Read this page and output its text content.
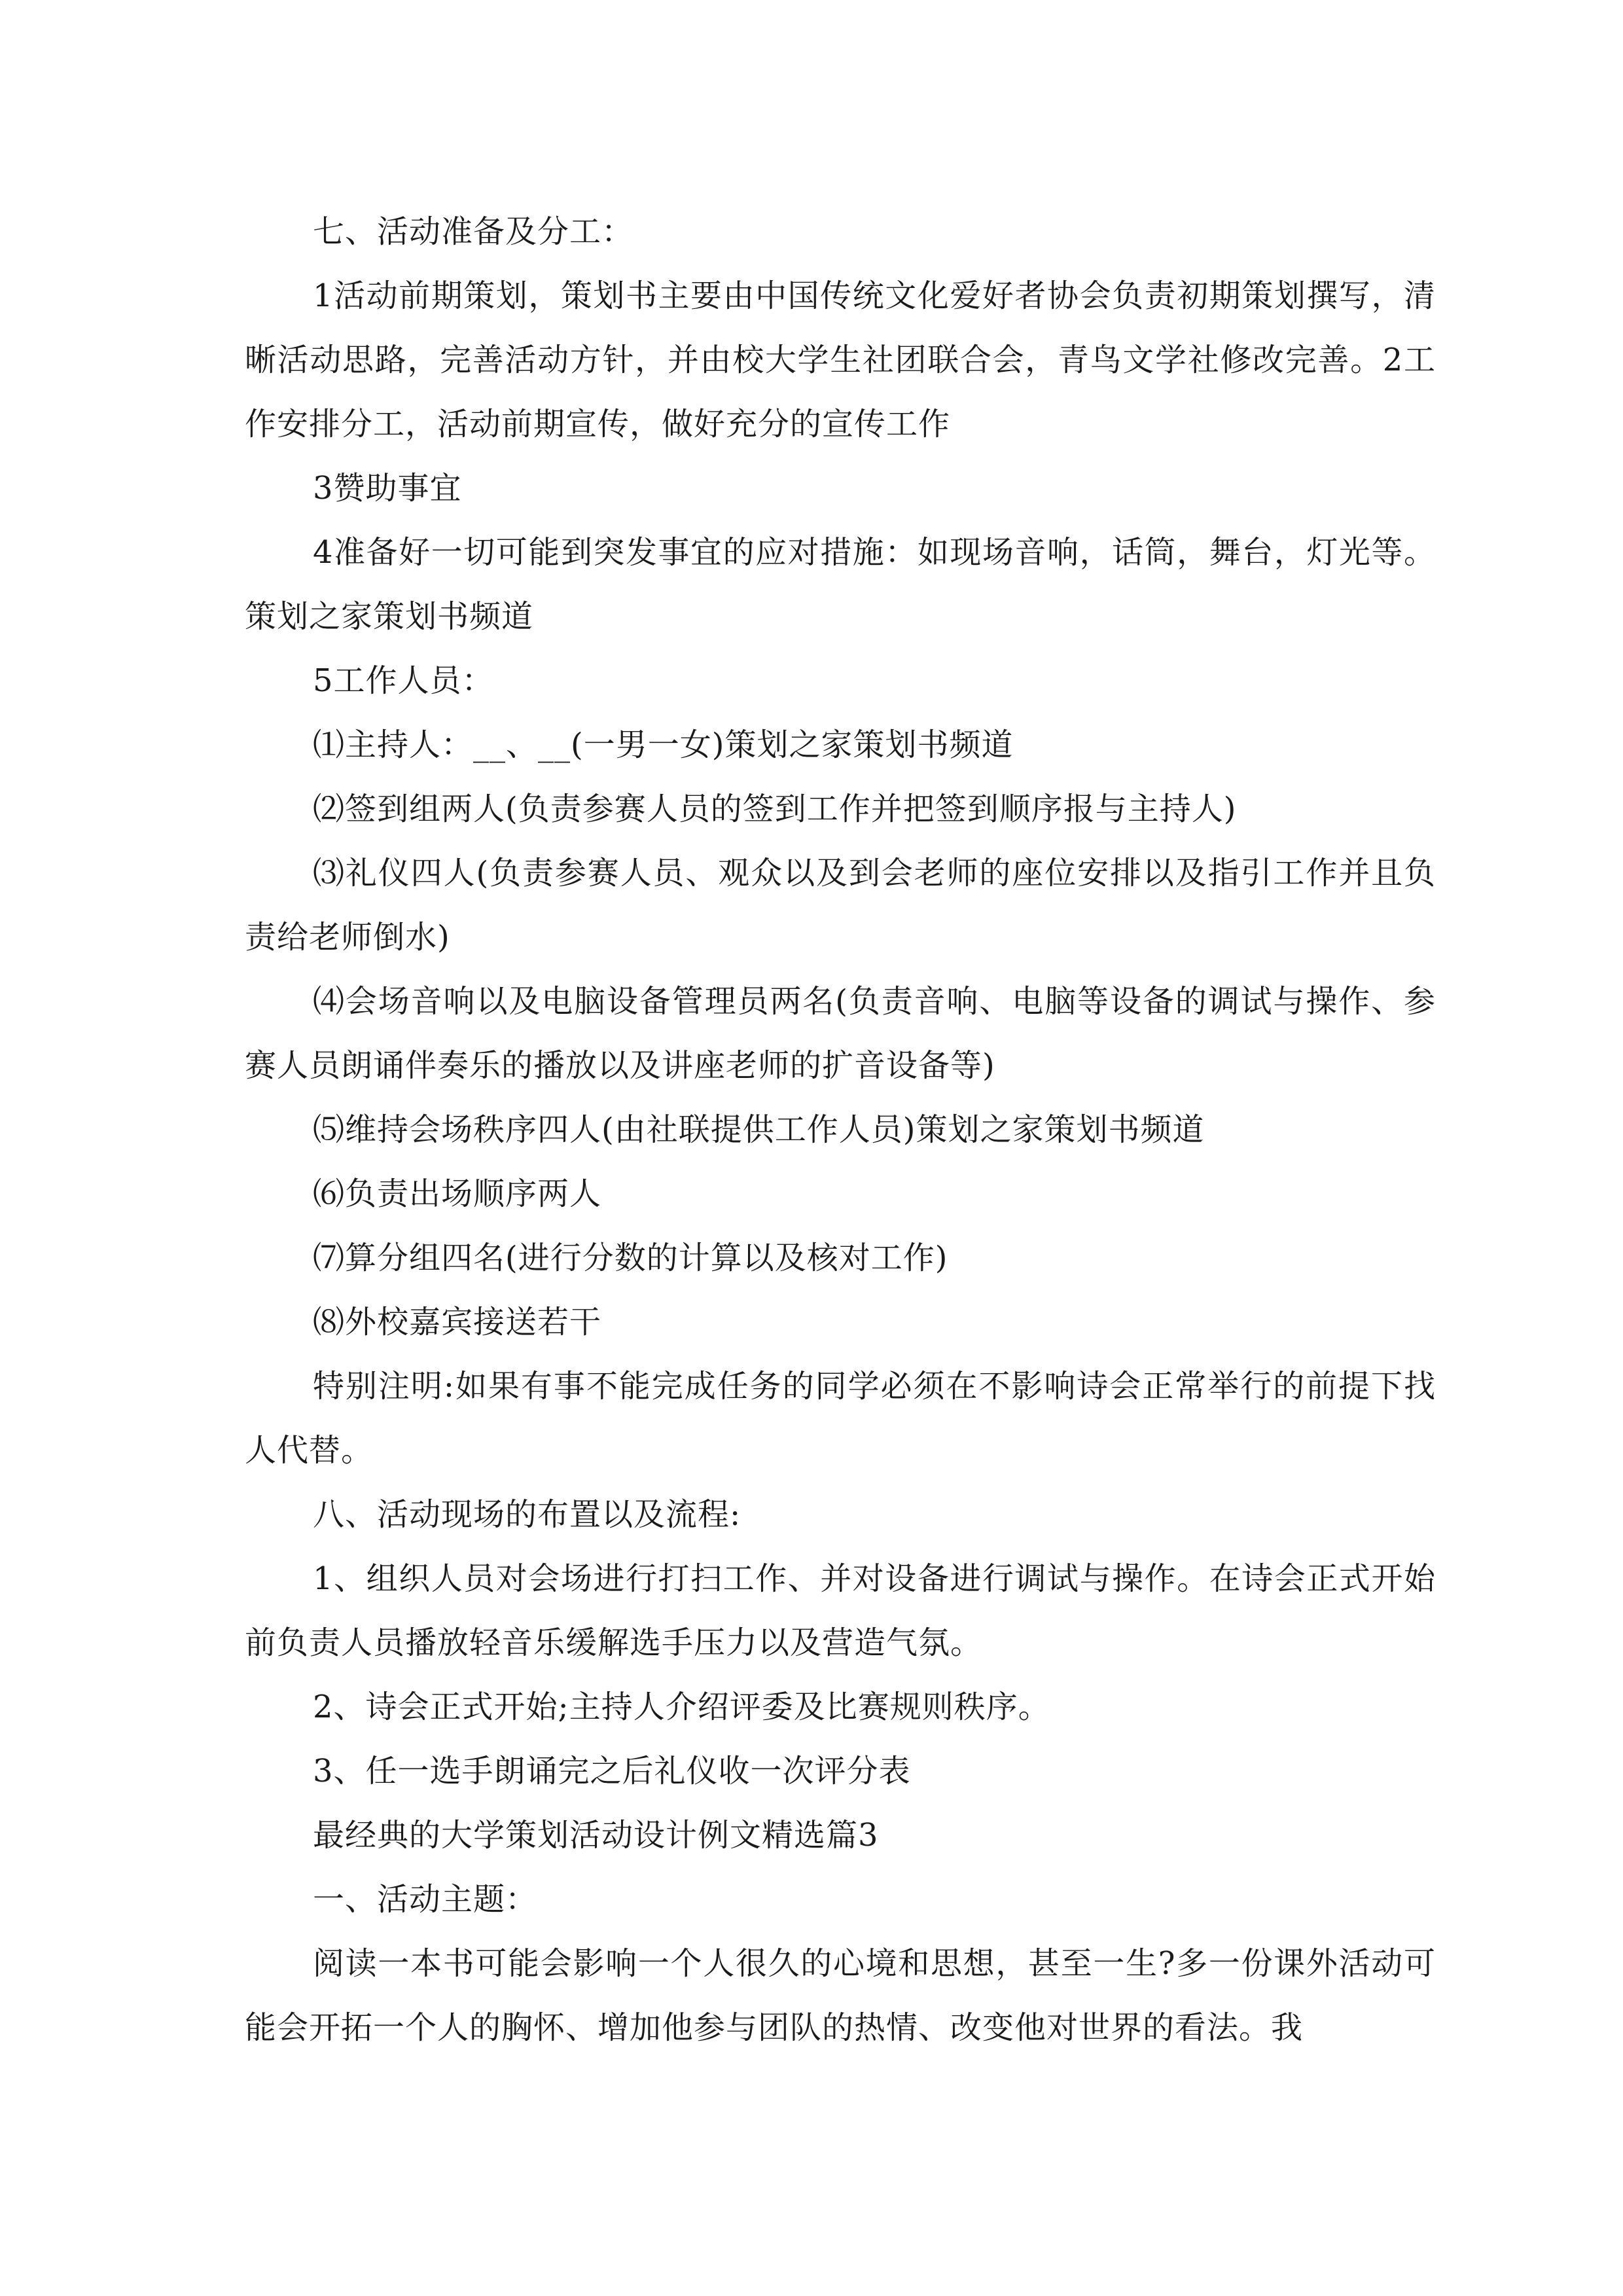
七、活动准备及分工：

1活动前期策划，策划书主要由中国传统文化爱好者协会负责初期策划撰写，清晰活动思路，完善活动方针，并由校大学生社团联合会，青鸟文学社修改完善。2工作安排分工，活动前期宣传，做好充分的宣传工作

3赞助事宜

4准备好一切可能到突发事宜的应对措施：如现场音响，话筒，舞台，灯光等。策划之家策划书频道

5工作人员：

⑴主持人：__、__(一男一女)策划之家策划书频道

⑵签到组两人(负责参赛人员的签到工作并把签到顺序报与主持人)

⑶礼仪四人(负责参赛人员、观众以及到会老师的座位安排以及指引工作并且负责给老师倒水)

⑷会场音响以及电脑设备管理员两名(负责音响、电脑等设备的调试与操作、参赛人员朗诵伴奏乐的播放以及讲座老师的扩音设备等)

⑸维持会场秩序四人(由社联提供工作人员)策划之家策划书频道

⑹负责出场顺序两人

⑺算分组四名(进行分数的计算以及核对工作)

⑻外校嘉宾接送若干

特别注明:如果有事不能完成任务的同学必须在不影响诗会正常举行的前提下找人代替。

八、活动现场的布置以及流程:

1、组织人员对会场进行打扫工作、并对设备进行调试与操作。在诗会正式开始前负责人员播放轻音乐缓解选手压力以及营造气氛。

2、诗会正式开始;主持人介绍评委及比赛规则秩序。

3、任一选手朗诵完之后礼仪收一次评分表

最经典的大学策划活动设计例文精选篇3

一、活动主题：

阅读一本书可能会影响一个人很久的心境和思想，甚至一生?多一份课外活动可能会开拓一个人的胸怀、增加他参与团队的热情、改变他对世界的看法。我
